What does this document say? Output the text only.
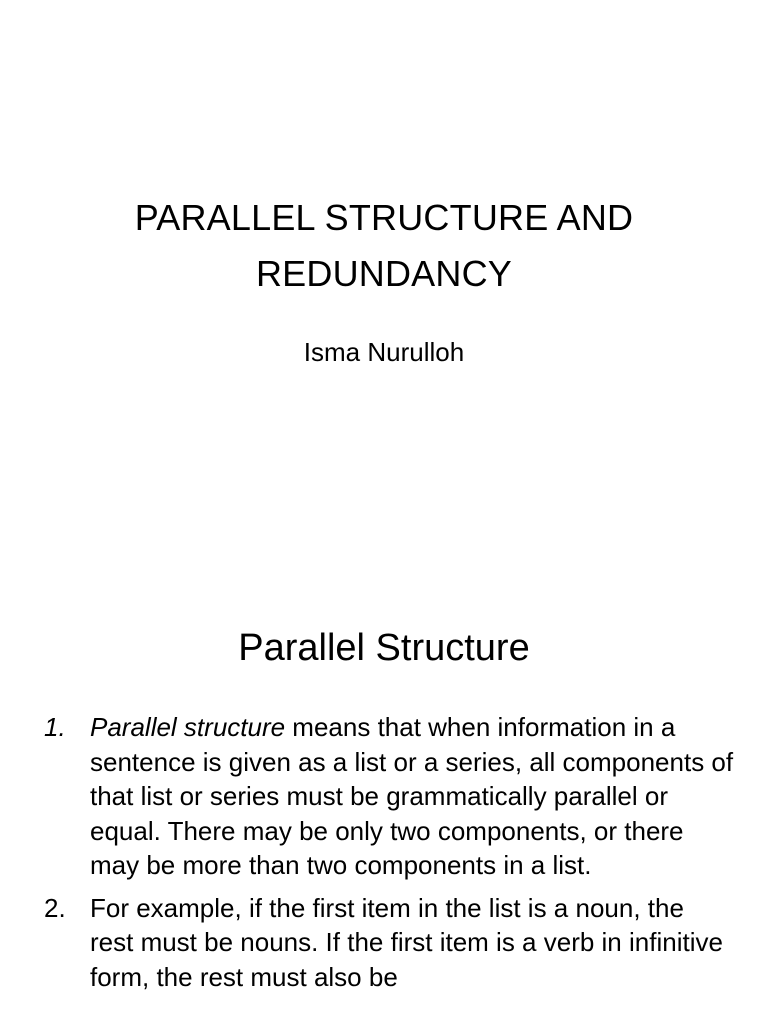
PARALLEL STRUCTURE AND REDUNDANCY
Isma Nurulloh
Parallel Structure
1. Parallel structure means that when information in a sentence is given as a list or a series, all components of that list or series must be grammatically parallel or equal. There may be only two components, or there may be more than two components in a list.
2. For example, if the first item in the list is a noun, the rest must be nouns. If the first item is a verb in infinitive form, the rest must also be
